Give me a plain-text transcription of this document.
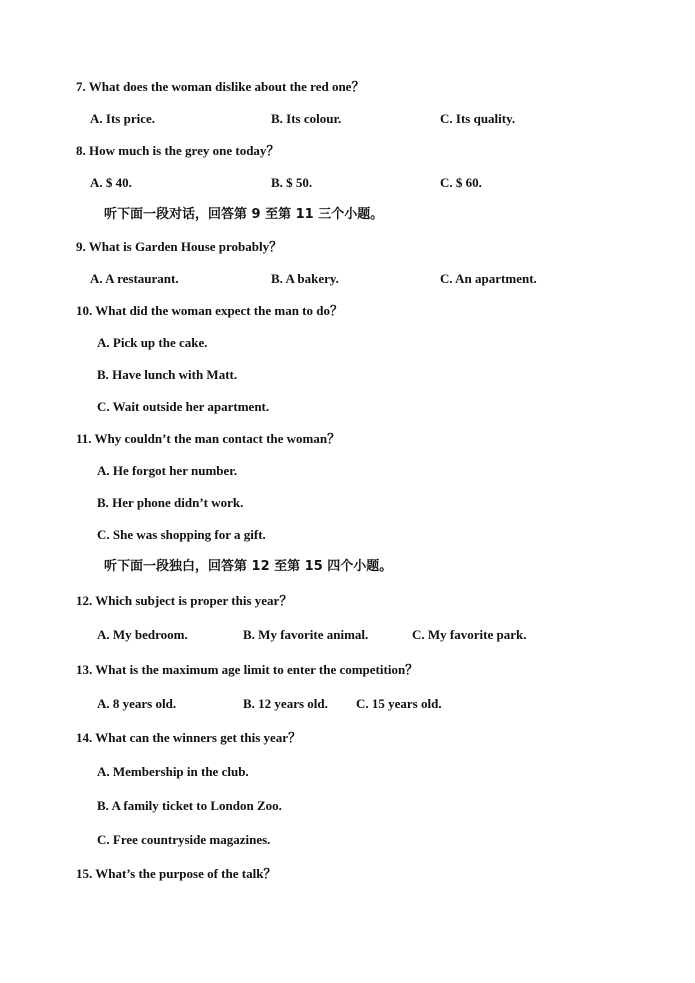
7. What does the woman dislike about the red one？
A. Its price.	B. Its colour.	C. Its quality.
8. How much is the grey one today？
A. $ 40.	B. $ 50.	C. $ 60.
听下面一段对话，回答第 9 至第 11 三个小题。
9. What is Garden House probably？
A. A restaurant.	B. A bakery.	C. An apartment.
10. What did the woman expect the man to do？
A. Pick up the cake.
B. Have lunch with Matt.
C. Wait outside her apartment.
11. Why couldn’t the man contact the woman？
A. He forgot her number.
B. Her phone didn’t work.
C. She was shopping for a gift.
听下面一段独白，回答第 12 至第 15 四个小题。
12. Which subject is proper this year？
A. My bedroom.	B. My favorite animal.	C. My favorite park.
13. What is the maximum age limit to enter the competition？
A. 8 years old.	B. 12 years old. C. 15 years old.
14. What can the winners get this year？
A. Membership in the club.
B. A family ticket to London Zoo.
C. Free countryside magazines.
15. What’s the purpose of the talk？
